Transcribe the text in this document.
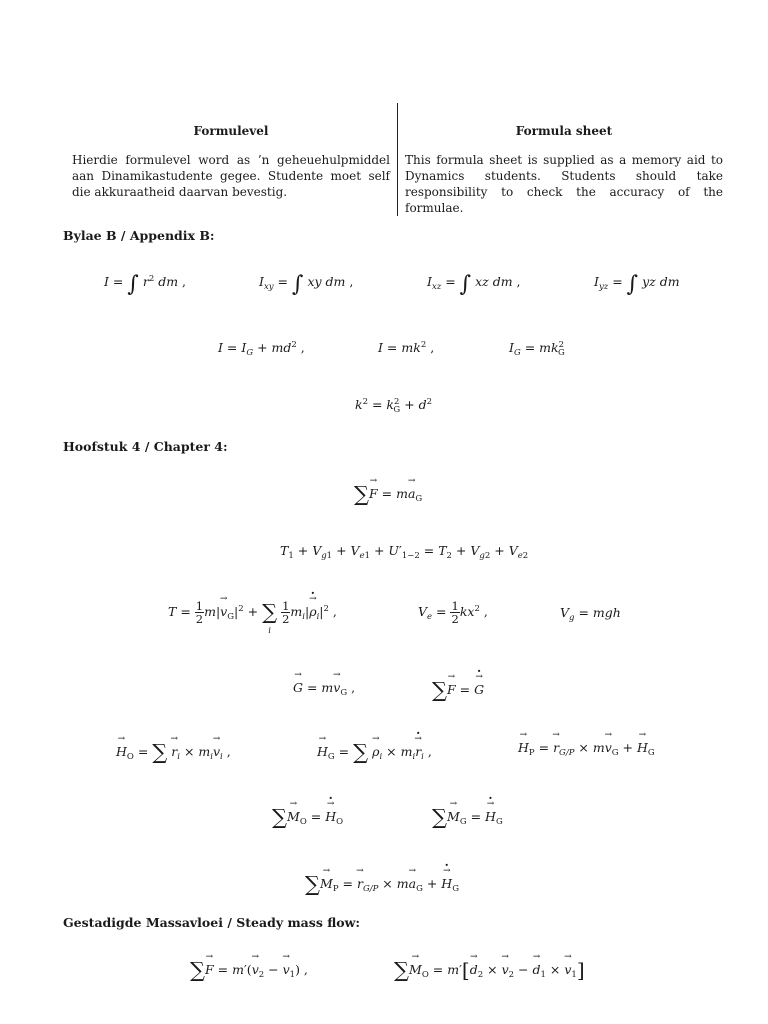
Formulevel
Hierdie formulevel word as ’n geheuehulpmiddel aan Dinamikastudente gegee. Studente moet self die akkuraatheid daarvan bevestig.
Formula sheet
This formula sheet is supplied as a memory aid to Dynamics students. Students should take responsibility to check the accuracy of the formulae.
Bylae B / Appendix B:
I = ∫ $r^2$ dm ,	$I_{xy}$ = ∫ xy dm ,	$I_{xz}$ = ∫ xz dm ,	$I_{yz}$ = ∫ yz dm
$I = I_G + md^2$ ,	$I = mk^2$ ,	$I_G = mk^2_G$
$k^2 = k^2_G + d^2$
Hoofstuk 4 / Chapter 4:
∑F → = ma $\to_G$
$T_1 + V_{g1} + V_{e1} + U'_{1-2} = T_2 + V_{g2} + V_{e2}$
$T = \frac{1}{2} m|v \to_G|^2$ + ∑
i

$\frac{1}{2} m_i|\cdot \rho \to_i|^2$ ,	$V_e = \frac{1}{2} kx^2$ ,	$V_g$ = mgh
G → = mv $\to_G$ ,	∑F → = · G →
$H \to_O$ = ∑ $r \to_i \times m_iv \to_i$ ,	$H \to_G$ = ∑ $\rho \to_i \times m_i\cdot r \to_i$ ,	$H \to_P = r \to_{G/P}$ × mv $\to_G + H \to_G$
$\sum M \to_O$ = · $H \to_O$	$\sum M \to_G$ = · $H \to_G$
$\sum M \to_P = r \to_{G/P}$ × ma $\to_G$ + · $H \to_G$
Gestadigde Massavloei / Steady mass flow:
∑F → = $m'(v \to_2 - v \to_1)$ ,	$\sum M \to_O = m'[d \to_2 \times v \to_2 - d \to_1 \times v \to_1]$
